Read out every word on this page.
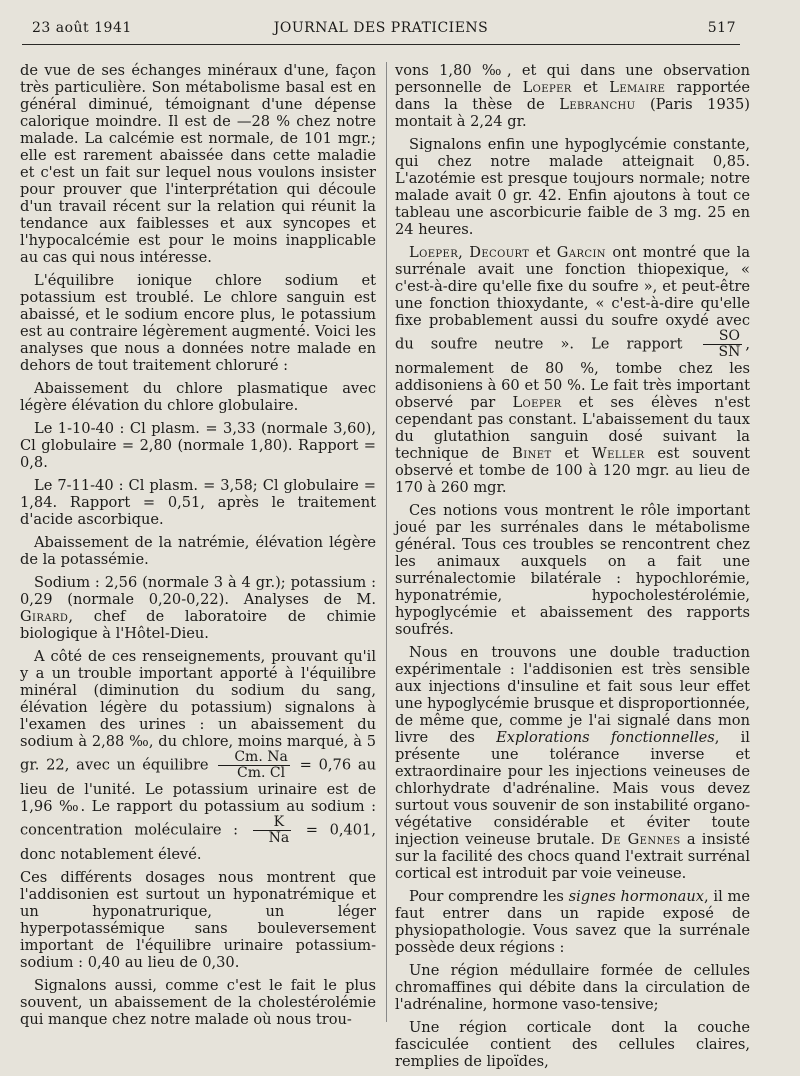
23 août 1941	JOURNAL DES PRATICIENS	517

de vue de ses échanges minéraux d'une, façon très particulière. Son métabolisme basal est en général diminué, témoignant d'une dépense calorique moindre. Il est de —28 % chez notre malade. La calcémie est normale, de 101 mgr.; elle est rarement abaissée dans cette maladie et c'est un fait sur lequel nous voulons insister pour prouver que l'interprétation qui découle d'un travail récent sur la relation qui réunit la tendance aux faiblesses et aux syncopes et l'hypocalcémie est pour le moins inapplicable au cas qui nous intéresse.

L'équilibre ionique chlore sodium et potassium est troublé. Le chlore sanguin est abaissé, et le sodium encore plus, le potassium est au contraire légèrement augmenté. Voici les analyses que nous a données notre malade en dehors de tout traitement chloruré :

Abaissement du chlore plasmatique avec légère élévation du chlore globulaire.

Le 1-10-40 : Cl plasm. = 3,33 (normale 3,60), Cl globulaire = 2,80 (normale 1,80). Rapport = 0,8.

Le 7-11-40 : Cl plasm. = 3,58; Cl globulaire = 1,84. Rapport = 0,51, après le traitement d'acide ascorbique.

Abaissement de la natrémie, élévation légère de la potassémie.

Sodium : 2,56 (normale 3 à 4 gr.); potassium : 0,29 (normale 0,20-0,22). Analyses de M. Girard, chef de laboratoire de chimie biologique à l'Hôtel-Dieu.

A côté de ces renseignements, prouvant qu'il y a un trouble important apporté à l'équilibre minéral (diminution du sodium du sang, élévation légère du potassium) signalons à l'examen des urines : un abaissement du sodium à 2,88 ‰, du chlore, moins marqué, à 5 gr. 22, avec un équilibre $\frac{Cm. Na}{Cm. Cl} = 0,76$ au lieu de l'unité. Le potassium urinaire est de 1,96 ‰. Le rapport du potassium au sodium : concentration moléculaire : $\frac{K}{Na} = 0,401$, donc notablement élevé.

Ces différents dosages nous montrent que l'addisonien est surtout un hyponatrémique et un hyponatrurique, un léger hyperpotassémique sans bouleversement important de l'équilibre urinaire potassium-sodium : 0,40 au lieu de 0,30.

Signalons aussi, comme c'est le fait le plus souvent, un abaissement de la cholestérolémie qui manque chez notre malade où nous trou-

vons 1,80 ‰, et qui dans une observation personnelle de Loeper et Lemaire rapportée dans la thèse de Lebranchu (Paris 1935) montait à 2,24 gr.

Signalons enfin une hypoglycémie constante, qui chez notre malade atteignait 0,85. L'azotémie est presque toujours normale; notre malade avait 0 gr. 42. Enfin ajoutons à tout ce tableau une ascorbicurie faible de 3 mg. 25 en 24 heures.

Loeper, Decourt et Garcin ont montré que la surrénale avait une fonction thiopexique, « c'est-à-dire qu'elle fixe du soufre », et peut-être une fonction thioxydante, « c'est-à-dire qu'elle fixe probablement aussi du soufre oxydé avec du soufre neutre ». Le rapport $\frac{SO}{SN}$ , normalement de 80 %, tombe chez les addisoniens à 60 et 50 %. Le fait très important observé par Loeper et ses élèves n'est cependant pas constant. L'abaissement du taux du glutathion sanguin dosé suivant la technique de Binet et Weller est souvent observé et tombe de 100 à 120 mgr. au lieu de 170 à 260 mgr.

Ces notions vous montrent le rôle important joué par les surrénales dans le métabolisme général. Tous ces troubles se rencontrent chez les animaux auxquels on a fait une surrénalectomie bilatérale : hypochlorémie, hyponatrémie, hypocholestérolémie, hypoglycémie et abaissement des rapports soufrés.

Nous en trouvons une double traduction expérimentale : l'addisonien est très sensible aux injections d'insuline et fait sous leur effet une hypoglycémie brusque et disproportionnée, de même que, comme je l'ai signalé dans mon livre des Explorations fonctionnelles, il présente une tolérance inverse et extraordinaire pour les injections veineuses de chlorhydrate d'adrénaline. Mais vous devez surtout vous souvenir de son instabilité organo-végétative considérable et éviter toute injection veineuse brutale. De Gennes a insisté sur la facilité des chocs quand l'extrait surrénal cortical est introduit par voie veineuse.

Pour comprendre les signes hormonaux, il me faut entrer dans un rapide exposé de physiopathologie. Vous savez que la surrénale possède deux régions :

Une région médullaire formée de cellules chromaffines qui débite dans la circulation de l'adrénaline, hormone vaso-tensive;

Une région corticale dont la couche fasciculée contient des cellules claires, remplies de lipoïdes,
